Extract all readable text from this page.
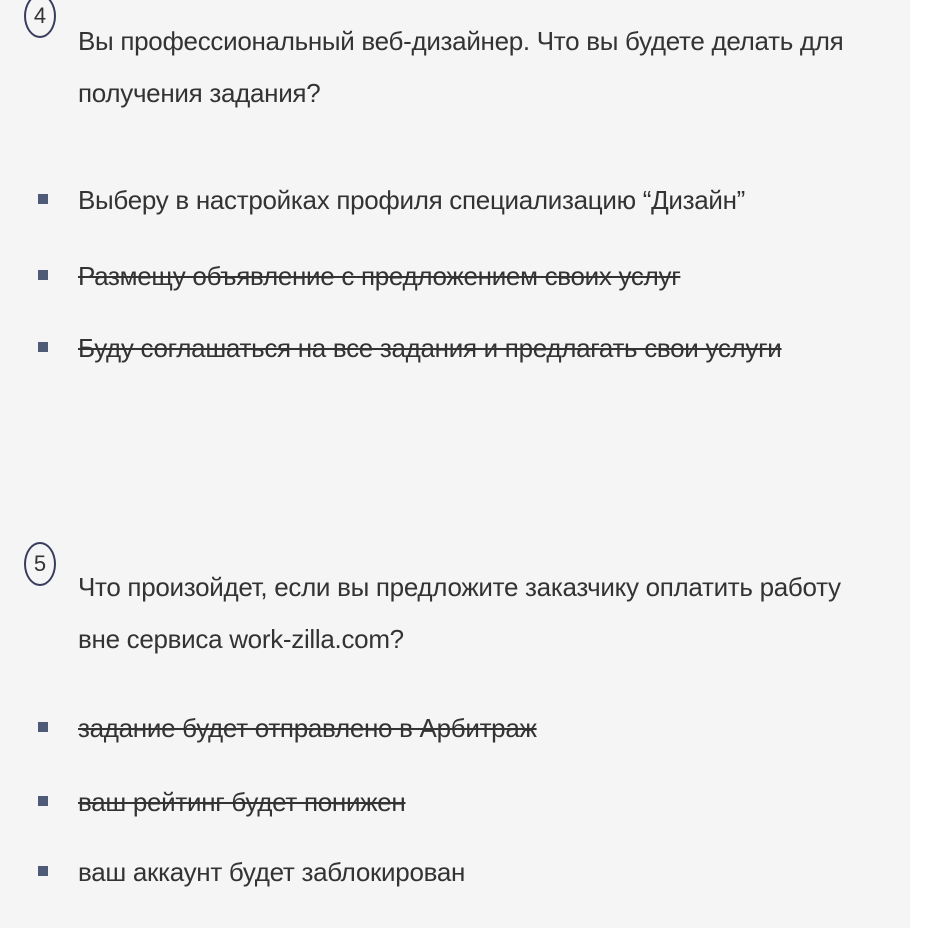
4
Вы профессиональный веб-дизайнер. Что вы будете делать для получения задания?
Выберу в настройках профиля специализацию “Дизайн”
Размещу объявление с предложением своих услуг
Буду соглашаться на все задания и предлагать свои услуги
5
Что произойдет, если вы предложите заказчику оплатить работу вне сервиса work-zilla.com?
задание будет отправлено в Арбитраж
ваш рейтинг будет понижен
ваш аккаунт будет заблокирован
